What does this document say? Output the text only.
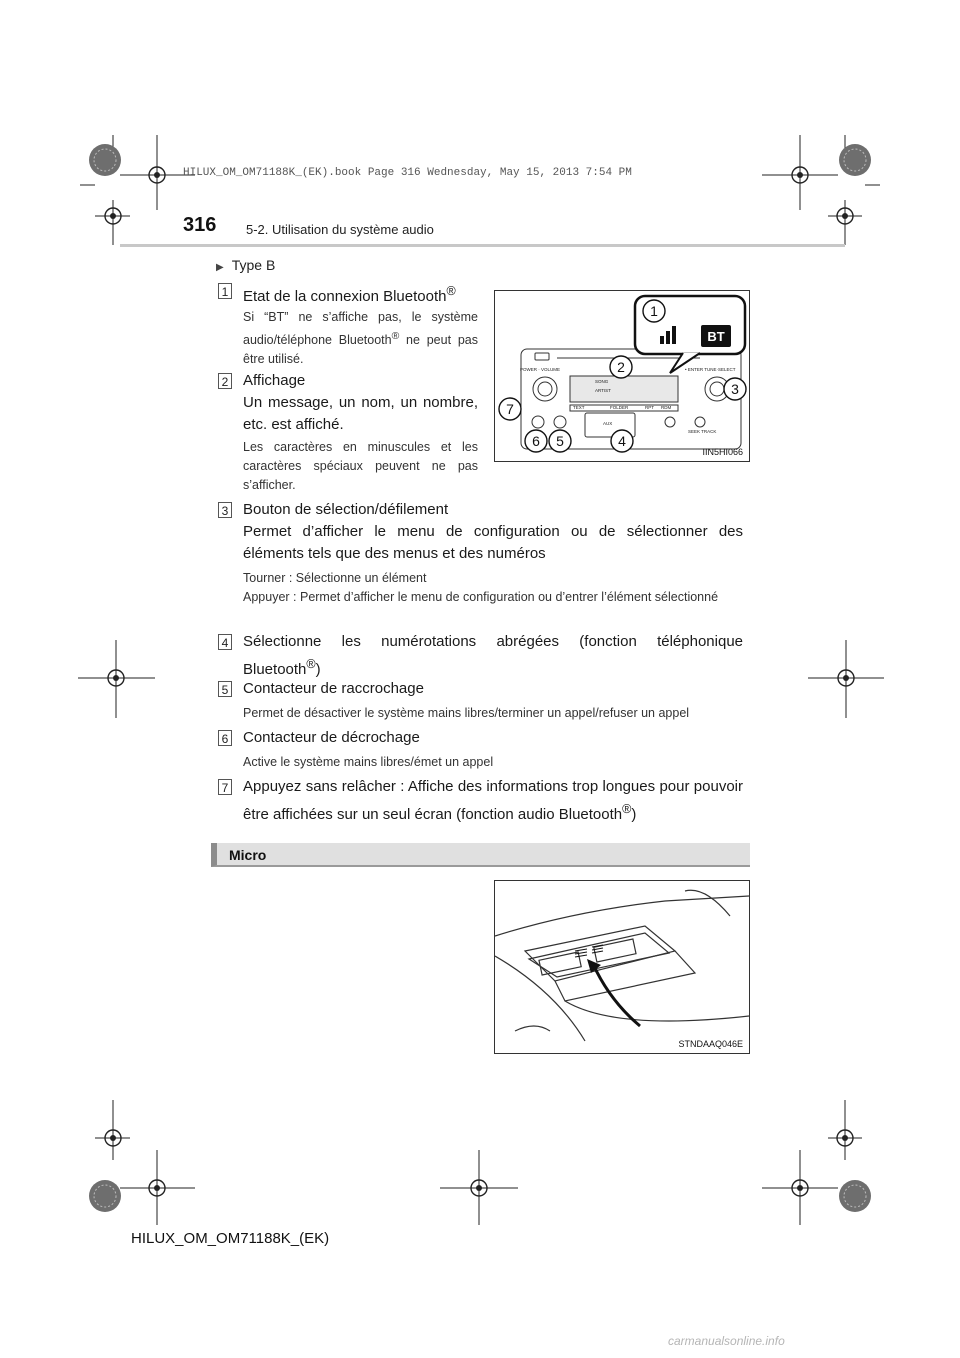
HILUX_OM_OM71188K_(EK).book Page 316 Wednesday, May 15, 2013 7:54 PM
316 5-2. Utilisation du système audio
▶ Type B
1 Etat de la connexion Bluetooth®
Si “BT” ne s’affiche pas, le système audio/téléphone Bluetooth® ne peut pas être utilisé.
2 Affichage
Un message, un nom, un nombre, etc. est affiché.
Les caractères en minuscules et les caractères spéciaux peuvent ne pas s’afficher.
POWER · VOLUME	• ENTER TUNE·SELECT
SONG
ARTIST
TEXT	FOLDER	RPT RDM
AUX
SEEK TRACK
BT
1
2
3
4
5
6
7
IIN5HI066
3 Bouton de sélection/défilement
Permet d’afficher le menu de configuration ou de sélectionner des éléments tels que des menus et des numéros
Tourner : Sélectionne un élément
Appuyer : Permet d’afficher le menu de configuration ou d’entrer l’élément sélectionné
4 Sélectionne les numérotations abrégées (fonction téléphonique Bluetooth®)
5 Contacteur de raccrochage
Permet de désactiver le système mains libres/terminer un appel/refuser un appel
6 Contacteur de décrochage
Active le système mains libres/émet un appel
7 Appuyez sans relâcher : Affiche des informations trop longues pour pouvoir être affichées sur un seul écran (fonction audio Bluetooth®)
Micro
STNDAAQ046E
HILUX_OM_OM71188K_(EK)
carmanualsonline.info
